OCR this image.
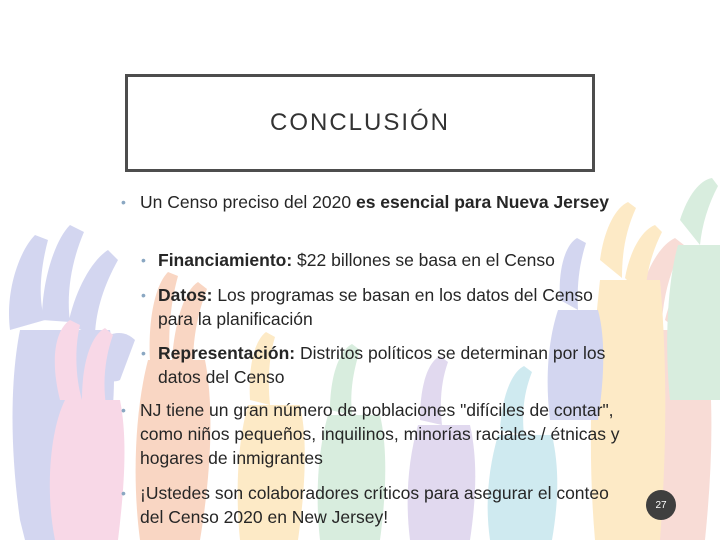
CONCLUSIÓN
• Un Censo preciso del 2020 es esencial para Nueva Jersey
• Financiamiento: $22 billones se basa en el Censo
• Datos: Los programas se basan en los datos del Censo para la planificación
• Representación: Distritos políticos se determinan por los datos del Censo
• NJ tiene un gran número de poblaciones "difíciles de contar", como niños pequeños, inquilinos, minorías raciales / étnicas y hogares de inmigrantes
• ¡Ustedes son colaboradores críticos para asegurar el conteo del Censo 2020 en New Jersey!
27
